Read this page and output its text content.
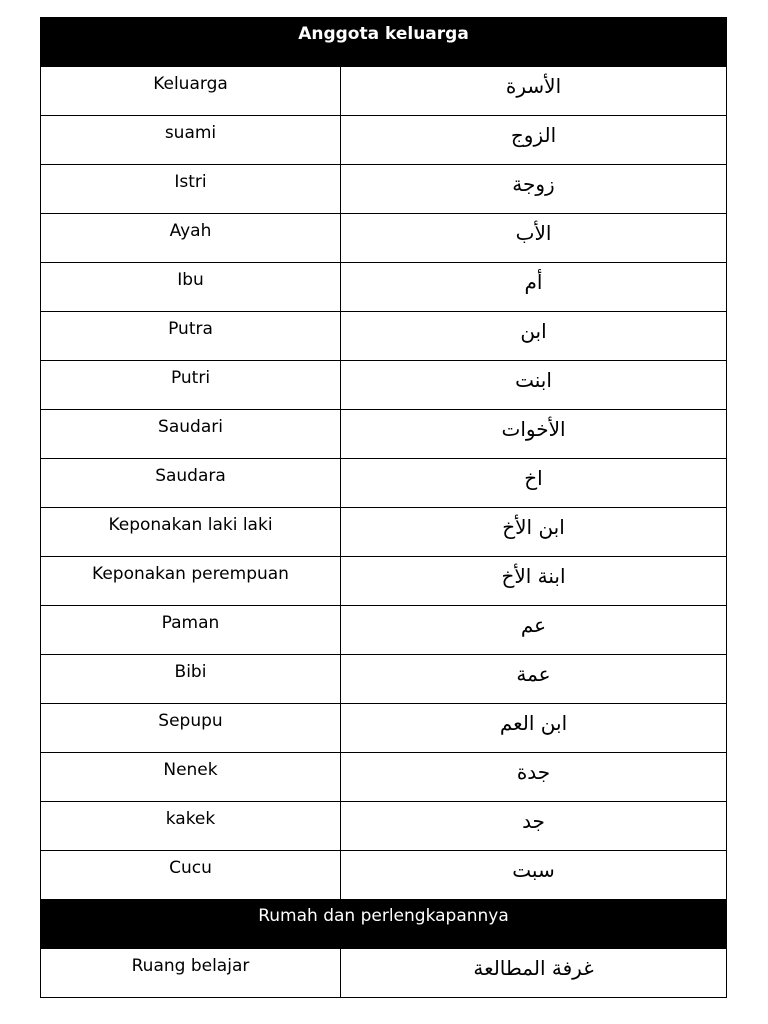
Anggota keluarga	

Keluarga	الأسرة

suami	الزوج

Istri	زوجة

Ayah	الأب

Ibu	أم

Putra	ابن

Putri	ابنت

Saudari	الأخوات

Saudara	اخ

Keponakan laki laki	ابن الأخ

Keponakan perempuan	ابنة الأخ

Paman	عم

Bibi	عمة

Sepupu	ابن العم

Nenek	جدة

kakek	جد

Cucu	سبت

Rumah dan perlengkapannya	

Ruang belajar	غرفة المطالعة
